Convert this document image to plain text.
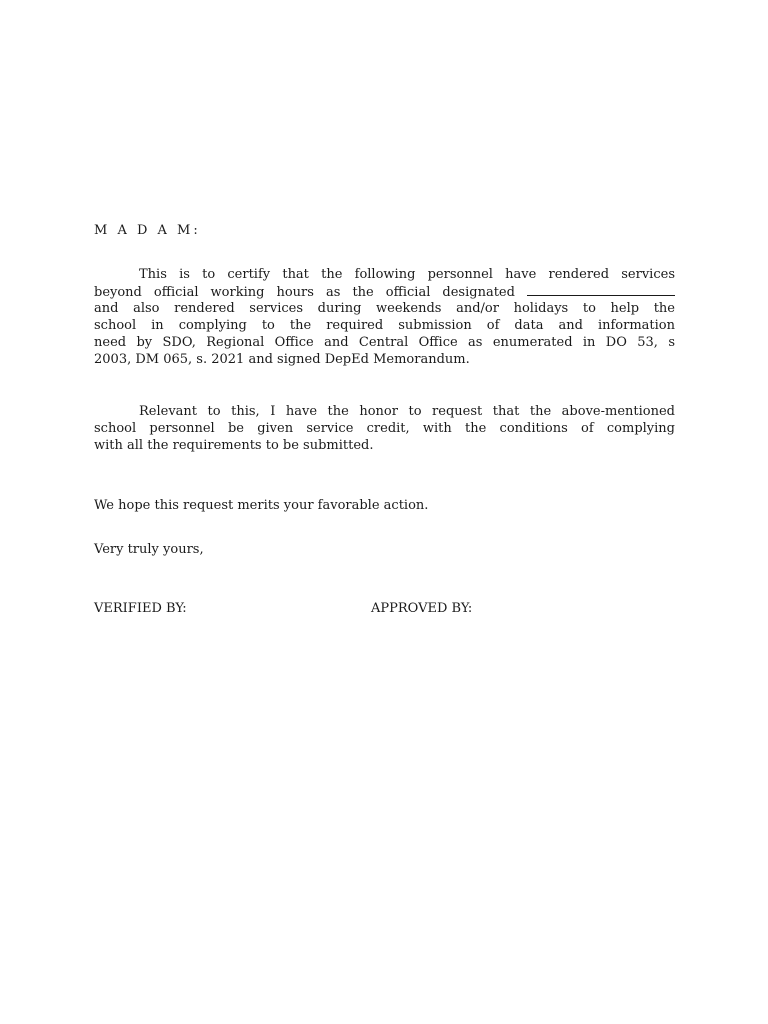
M A D A M:
This is to certify that the following personnel have rendered services
beyond official working hours as the official designated
and also rendered services during weekends and/or holidays to help the
school in complying to the required submission of data and information
need by SDO, Regional Office and Central Office as enumerated in DO 53, s
2003, DM 065, s. 2021 and signed DepEd Memorandum.
Relevant to this, I have the honor to request that the above-mentioned
school personnel be given service credit, with the conditions of complying
with all the requirements to be submitted.
We hope this request merits your favorable action.
Very truly yours,
VERIFIED BY:	APPROVED BY:
